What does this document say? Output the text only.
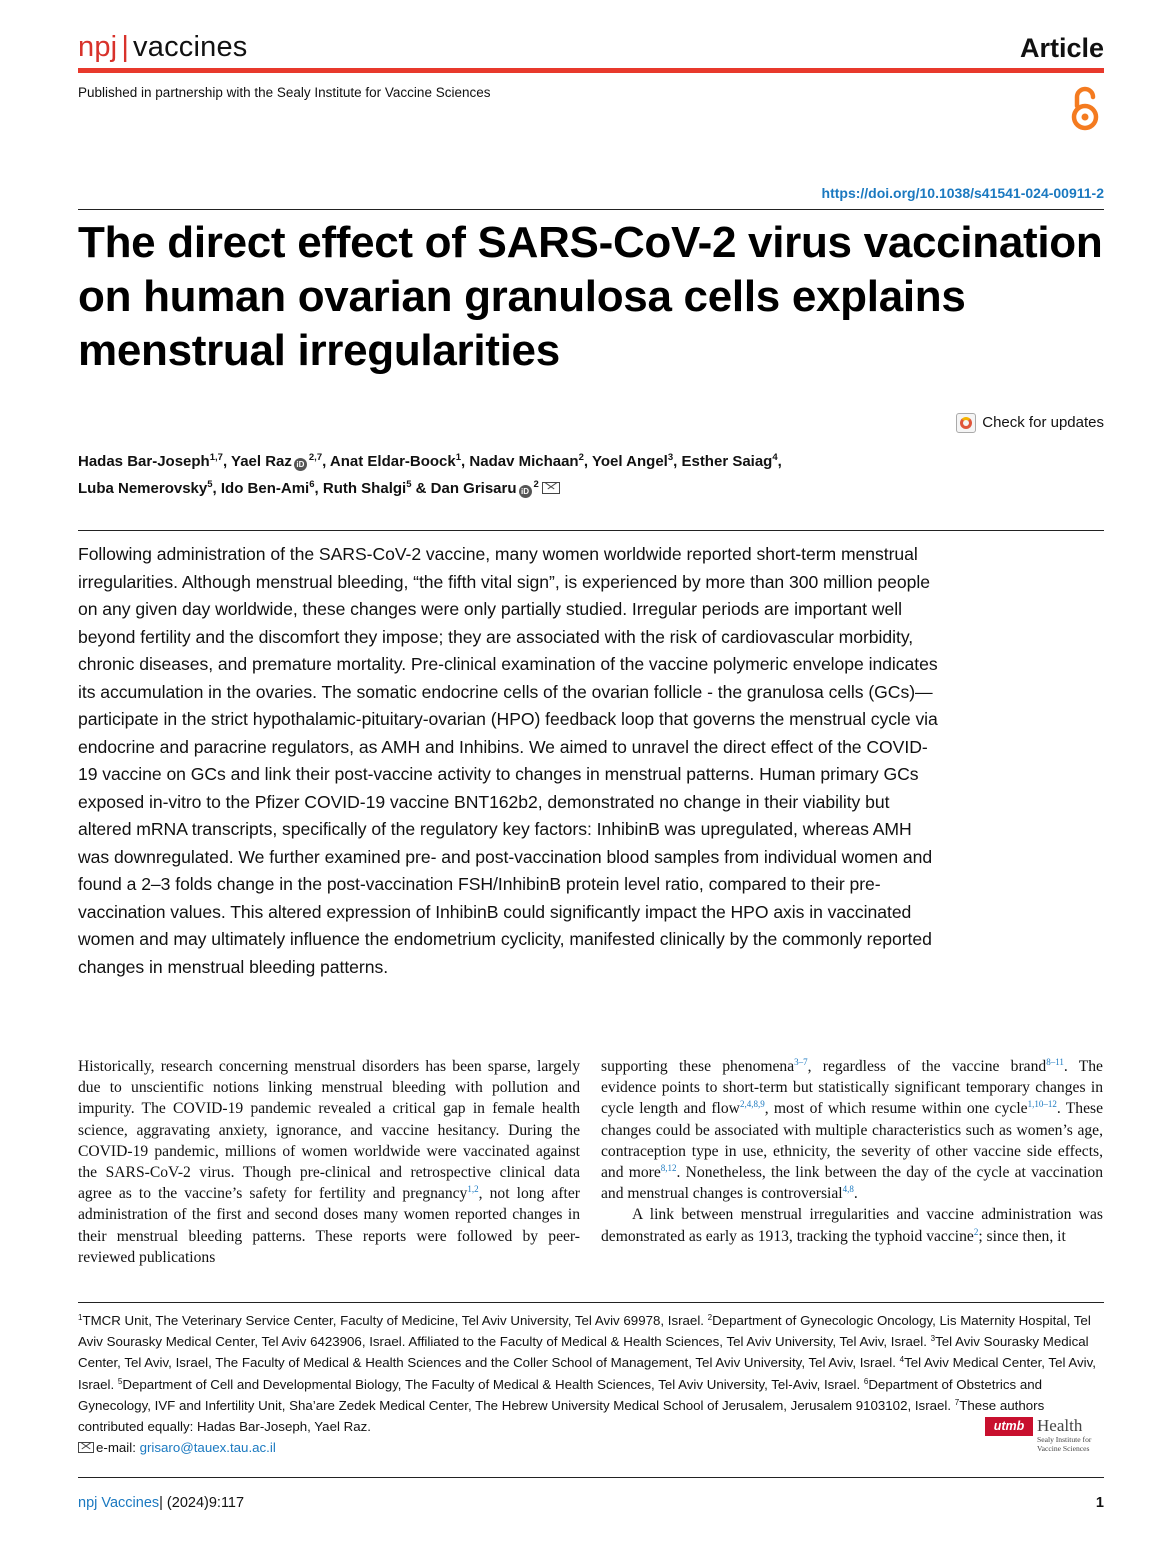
npj | vaccines	Article
Published in partnership with the Sealy Institute for Vaccine Sciences
https://doi.org/10.1038/s41541-024-00911-2
The direct effect of SARS-CoV-2 virus vaccination on human ovarian granulosa cells explains menstrual irregularities
Check for updates
Hadas Bar-Joseph$^{1,7}$, Yael Raz iD$^{2,7}$, Anat Eldar-Boock$^1$, Nadav Michaan$^2$, Yoel Angel$^3$, Esther Saiag$^4$,
Luba Nemerovsky$^5$, Ido Ben-Ami$^6$, Ruth Shalgi$^5$ & Dan Grisaru $iD^2$

Following administration of the SARS-CoV-2 vaccine, many women worldwide reported short-term menstrual irregularities. Although menstrual bleeding, “the fifth vital sign”, is experienced by more than 300 million people on any given day worldwide, these changes were only partially studied. Irregular periods are important well beyond fertility and the discomfort they impose; they are associated with the risk of cardiovascular morbidity, chronic diseases, and premature mortality. Pre-clinical examination of the vaccine polymeric envelope indicates its accumulation in the ovaries. The somatic endocrine cells of the ovarian follicle - the granulosa cells (GCs)—participate in the strict hypothalamic-pituitary-ovarian (HPO) feedback loop that governs the menstrual cycle via endocrine and paracrine regulators, as AMH and Inhibins. We aimed to unravel the direct effect of the COVID-19 vaccine on GCs and link their post-vaccine activity to changes in menstrual patterns. Human primary GCs exposed in-vitro to the Pfizer COVID-19 vaccine BNT162b2, demonstrated no change in their viability but altered mRNA transcripts, specifically of the regulatory key factors: InhibinB was upregulated, whereas AMH was downregulated. We further examined pre- and post-vaccination blood samples from individual women and found a 2–3 folds change in the post-vaccination FSH/InhibinB protein level ratio, compared to their pre-vaccination values. This altered expression of InhibinB could significantly impact the HPO axis in vaccinated women and may ultimately influence the endometrium cyclicity, manifested clinically by the commonly reported changes in menstrual bleeding patterns.

Historically, research concerning menstrual disorders has been sparse, largely due to unscientific notions linking menstrual bleeding with pollution and impurity. The COVID-19 pandemic revealed a critical gap in female health science, aggravating anxiety, ignorance, and vaccine hesitancy. During the COVID-19 pandemic, millions of women worldwide were vaccinated against the SARS-CoV-2 virus. Though pre-clinical and retrospective clinical data agree as to the vaccine’s safety for fertility and pregnancy$^{1,2}$, not long after administration of the first and second doses many women reported changes in their menstrual bleeding patterns. These reports were followed by peer-reviewed publications

supporting these phenomena$^{3-7}$, regardless of the vaccine brand$^{8-11}$. The evidence points to short-term but statistically significant temporary changes in cycle length and flow$^{2,4,8,9}$, most of which resume within one cycle$^{1,10-12}$. These changes could be associated with multiple characteristics such as women’s age, contraception type in use, ethnicity, the severity of other vaccine side effects, and more$^{8,12}$. Nonetheless, the link between the day of the cycle at vaccination and menstrual changes is controversial$^{4,8}$.

A link between menstrual irregularities and vaccine administration was demonstrated as early as 1913, tracking the typhoid vaccine$^2$; since then, it

$^1$TMCR Unit, The Veterinary Service Center, Faculty of Medicine, Tel Aviv University, Tel Aviv 69978, Israel. $^2$Department of Gynecologic Oncology, Lis Maternity Hospital, Tel Aviv Sourasky Medical Center, Tel Aviv 6423906, Israel. Affiliated to the Faculty of Medical & Health Sciences, Tel Aviv University, Tel Aviv, Israel. $^3$Tel Aviv Sourasky Medical Center, Tel Aviv, Israel, The Faculty of Medical & Health Sciences and the Coller School of Management, Tel Aviv University, Tel Aviv, Israel. $^4$Tel Aviv Medical Center, Tel Aviv, Israel. $^5$Department of Cell and Developmental Biology, The Faculty of Medical & Health Sciences, Tel Aviv University, Tel-Aviv, Israel. $^6$Department of Obstetrics and Gynecology, IVF and Infertility Unit, Sha’are Zedek Medical Center, The Hebrew University Medical School of Jerusalem, Jerusalem 9103102, Israel. $^7$These authors contributed equally: Hadas Bar-Joseph, Yael Raz.
e-mail: grisaro@tauex.tau.ac.il
utmb Health
Sealy Institute for Vaccine Sciences
npj Vaccines| (2024)9:117	1
